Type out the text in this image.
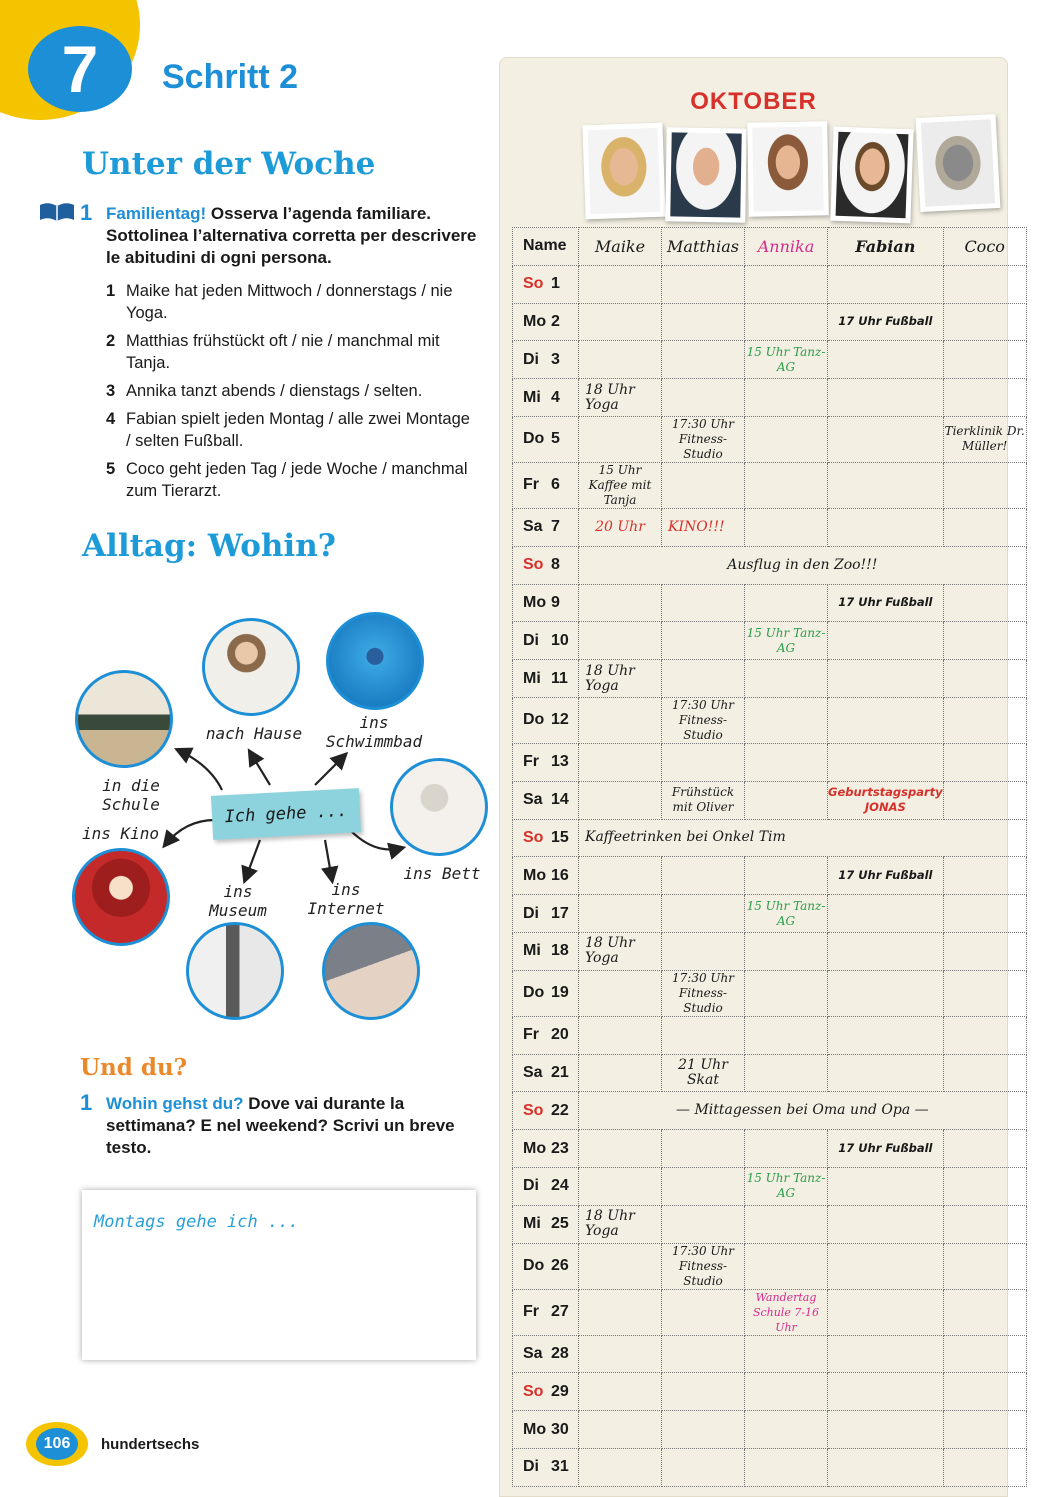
7	Schritt 2
Unter der Woche
1 Familientag! Osserva l’agenda familiare. Sottolinea l’alternativa corretta per descrivere le abitudini di ogni persona.
1 Maike hat jeden Mittwoch / donnerstags / nie Yoga.
2 Matthias frühstückt oft / nie / manchmal mit Tanja.
3 Annika tanzt abends / dienstags / selten.
4 Fabian spielt jeden Montag / alle zwei Montage / selten Fußball.
5 Coco geht jeden Tag / jede Woche / manchmal zum Tierarzt.
Alltag: Wohin?
Ich gehe ...
in die Schule
nach Hause
ins
Schwimmbad
ins Bett
ins Kino
ins
Museum
ins
Internet
Und du?
1 Wohin gehst du? Dove vai durante la settimana? E nel weekend? Scrivi un breve testo.
Montags gehe ich ...
106	hundertsechs
OKTOBER
Name	Maike	Matthias	Annika	Fabian	Coco
So 1					
Mo 2				17 Uhr Fußball	

Di 3			15 Uhr Tanz-AG		

Mi 4	18 Uhr Yoga				

Do 5		17:30 Uhr Fitness-Studio			Tierklinik Dr. Müller!

Fr 6	15 Uhr Kaffee mit Tanja				

Sa 7	20 Uhr	KINO!!!			

So 8	Ausflug in den Zoo!!!				

Mo 9				17 Uhr Fußball	

Di 10			15 Uhr Tanz-AG		

Mi 11	18 Uhr Yoga				

Do 12		17:30 Uhr Fitness-Studio			

Fr 13					
Sa 14		Frühstück mit Oliver		Geburtstagsparty JONAS	

So 15	Kaffeetrinken bei Onkel Tim				

Mo 16				17 Uhr Fußball	

Di 17			15 Uhr Tanz-AG		

Mi 18	18 Uhr Yoga				

Do 19		17:30 Uhr Fitness-Studio			

Fr 20					
Sa 21		21 Uhr Skat			

So 22	— Mittagessen bei Oma und Opa —				

Mo 23				17 Uhr Fußball	

Di 24			15 Uhr Tanz-AG		

Mi 25	18 Uhr Yoga				

Do 26		17:30 Uhr Fitness-Studio			

Fr 27			Wandertag Schule 7-16 Uhr		

Sa 28					
So 29					
Mo 30					
Di 31					
